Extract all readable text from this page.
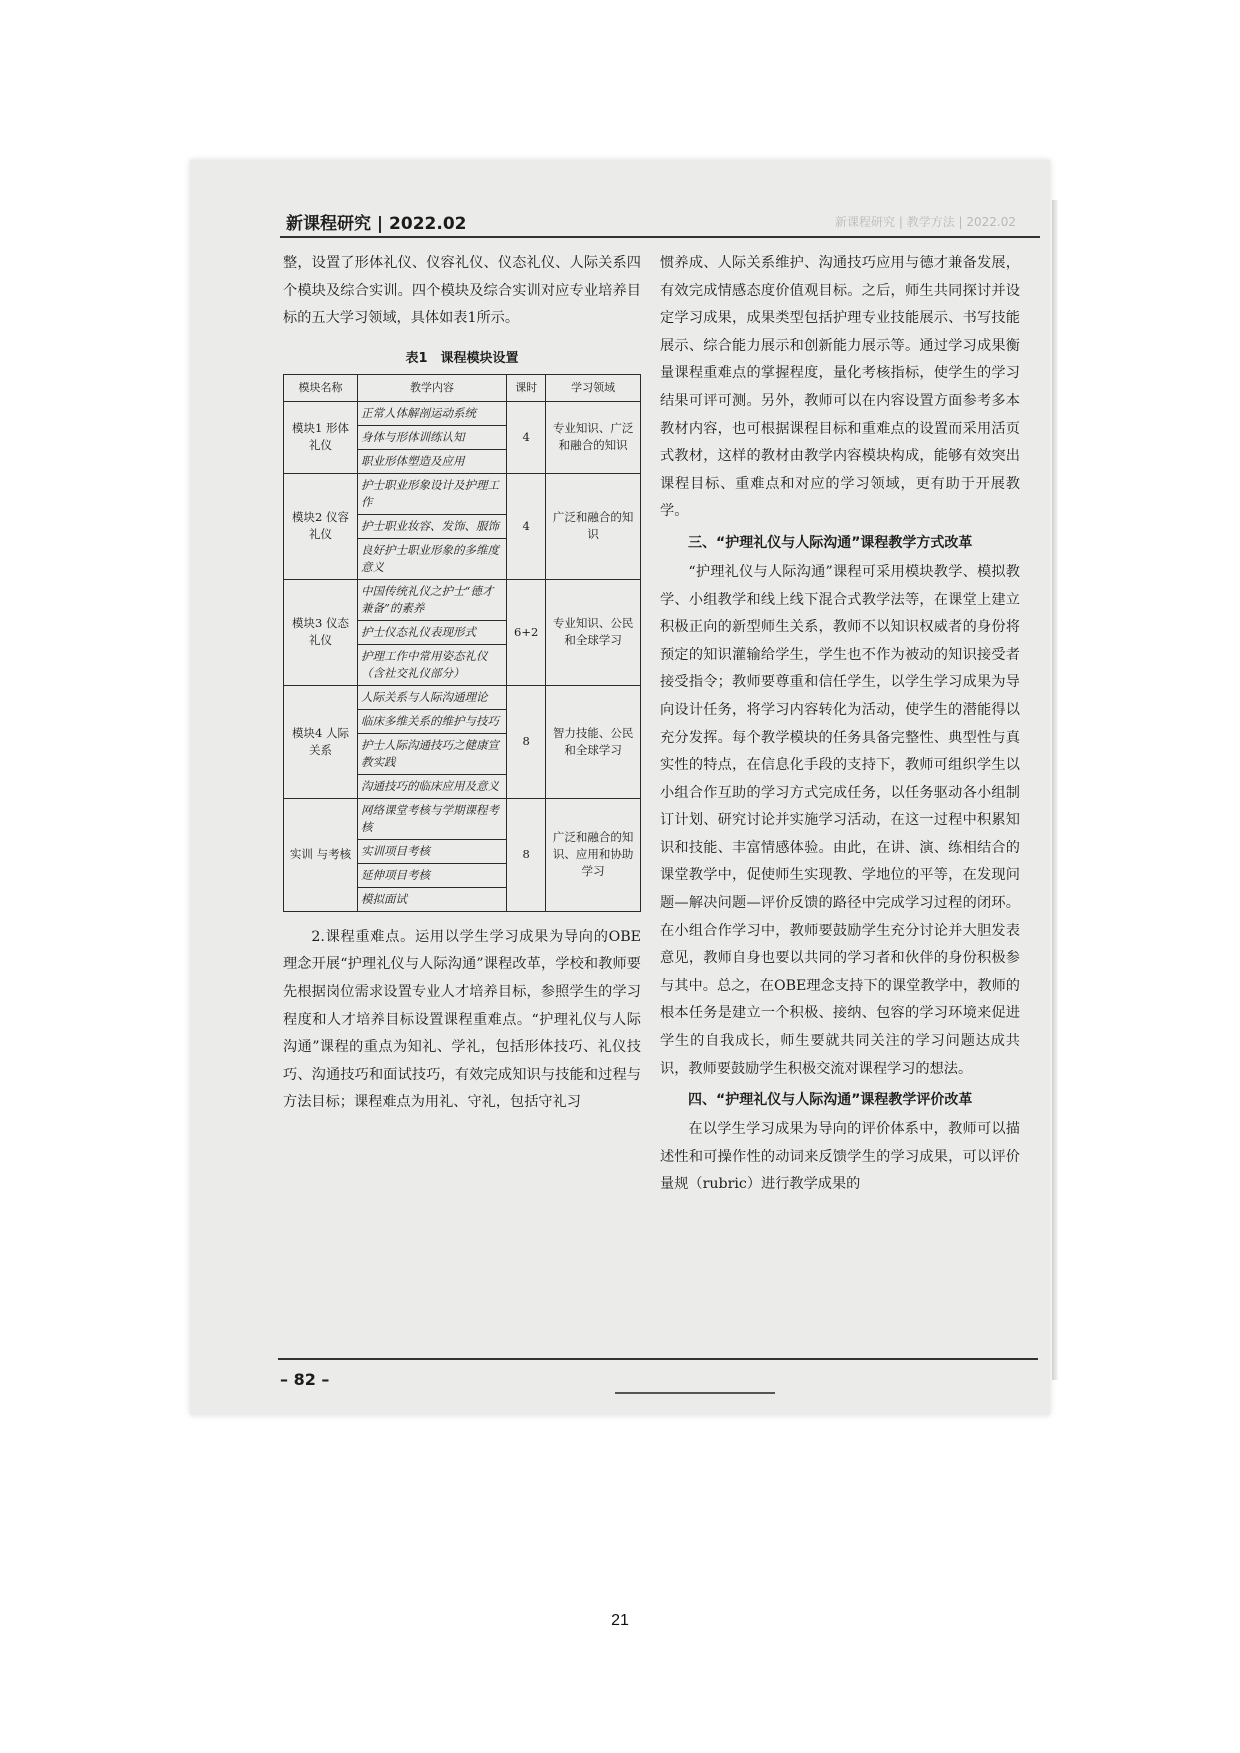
新课程研究 | 2022.02	新课程研究 | 教学方法 | 2022.02

整，设置了形体礼仪、仪容礼仪、仪态礼仪、人际关系四个模块及综合实训。四个模块及综合实训对应专业培养目标的五大学习领域，具体如表1所示。

表1　课程模块设置
模块名称	教学内容	课时	学习领域
模块1 形体礼仪	正常人体解剖运动系统	4	专业知识、广泛和融合的知识
	身体与形体训练认知		
	职业形体塑造及应用		
模块2 仪容礼仪	护士职业形象设计及护理工作	4	广泛和融合的知识
	护士职业妆容、发饰、服饰		
	良好护士职业形象的多维度意义		
模块3 仪态礼仪	中国传统礼仪之护士“德才兼备”的素养	6+2	专业知识、公民和全球学习
	护士仪态礼仪表现形式		
	护理工作中常用姿态礼仪（含社交礼仪部分）		
模块4 人际关系	人际关系与人际沟通理论	8	智力技能、公民和全球学习
	临床多维关系的维护与技巧		
	护士人际沟通技巧之健康宣教实践		
	沟通技巧的临床应用及意义		
实训 与考核	网络课堂考核与学期课程考核	8	广泛和融合的知识、应用和协助学习
	实训项目考核		
	延伸项目考核		
	模拟面试		

2.课程重难点。运用以学生学习成果为导向的OBE理念开展“护理礼仪与人际沟通”课程改革，学校和教师要先根据岗位需求设置专业人才培养目标，参照学生的学习程度和人才培养目标设置课程重难点。“护理礼仪与人际沟通”课程的重点为知礼、学礼，包括形体技巧、礼仪技巧、沟通技巧和面试技巧，有效完成知识与技能和过程与方法目标；课程难点为用礼、守礼，包括守礼习

惯养成、人际关系维护、沟通技巧应用与德才兼备发展，有效完成情感态度价值观目标。之后，师生共同探讨并设定学习成果，成果类型包括护理专业技能展示、书写技能展示、综合能力展示和创新能力展示等。通过学习成果衡量课程重难点的掌握程度，量化考核指标，使学生的学习结果可评可测。另外，教师可以在内容设置方面参考多本教材内容，也可根据课程目标和重难点的设置而采用活页式教材，这样的教材由教学内容模块构成，能够有效突出课程目标、重难点和对应的学习领域，更有助于开展教学。

三、“护理礼仪与人际沟通”课程教学方式改革

“护理礼仪与人际沟通”课程可采用模块教学、模拟教学、小组教学和线上线下混合式教学法等，在课堂上建立积极正向的新型师生关系，教师不以知识权威者的身份将预定的知识灌输给学生，学生也不作为被动的知识接受者接受指令；教师要尊重和信任学生，以学生学习成果为导向设计任务，将学习内容转化为活动，使学生的潜能得以充分发挥。每个教学模块的任务具备完整性、典型性与真实性的特点，在信息化手段的支持下，教师可组织学生以小组合作互助的学习方式完成任务，以任务驱动各小组制订计划、研究讨论并实施学习活动，在这一过程中积累知识和技能、丰富情感体验。由此，在讲、演、练相结合的课堂教学中，促使师生实现教、学地位的平等，在发现问题—解决问题—评价反馈的路径中完成学习过程的闭环。在小组合作学习中，教师要鼓励学生充分讨论并大胆发表意见，教师自身也要以共同的学习者和伙伴的身份积极参与其中。总之，在OBE理念支持下的课堂教学中，教师的根本任务是建立一个积极、接纳、包容的学习环境来促进学生的自我成长，师生要就共同关注的学习问题达成共识，教师要鼓励学生积极交流对课程学习的想法。

四、“护理礼仪与人际沟通”课程教学评价改革

在以学生学习成果为导向的评价体系中，教师可以描述性和可操作性的动词来反馈学生的学习成果，可以评价量规（rubric）进行教学成果的

– 82 –
21
